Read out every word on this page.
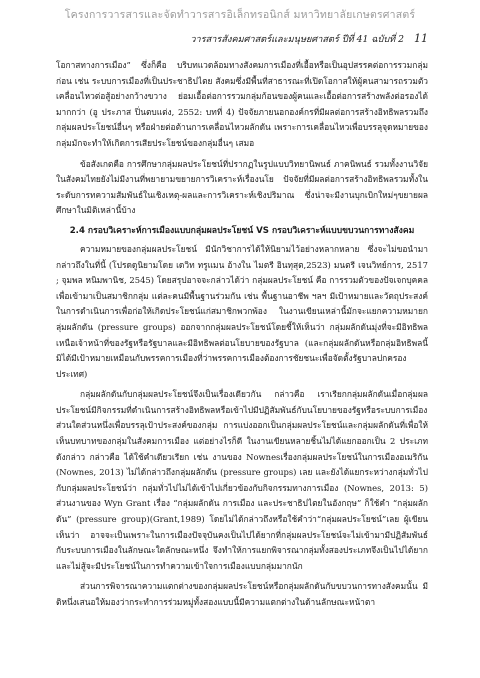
โครงการวารสารและจัดทำวารสารอิเล็กทรอนิกส์ มหาวิทยาลัยเกษตรศาสตร์
วารสารสังคมศาสตร์และมนุษยศาสตร์ ปีที่ 41 ฉบับที่ 2 11

โอกาสทางการเมือง” ซึ่งก็คือ บริบทแวดล้อมทางสังคมการเมืองที่เอื้อหรือเป็นอุปสรรคต่อการรวมกลุ่มก่อน เช่น ระบบการเมืองที่เป็นประชาธิปไตย สังคมซึ่งมีพื้นที่สาธารณะที่เปิดโอกาสให้ผู้คนสามารถรวมตัวเคลื่อนไหวต่อสู้อย่างกว้างขวาง ย่อมเอื้อต่อการรวมกลุ่มก้อนของผู้คนและเอื้อต่อการสร้างพลังต่อรองได้มากกว่า (อู ประภาส ปิ่นตบแต่ง, 2552: บทที่ 4) ปัจจัยภายนอกองค์กรที่มีผลต่อการสร้างอิทธิพลรวมถึงกลุ่มผลประโยชน์อื่นๆ หรือฝ่ายต่อต้านการเคลื่อนไหวผลักดัน เพราะการเคลื่อนไหวเพื่อบรรลุจุดหมายของกลุ่มมักจะทำให้เกิดการเสียประโยชน์ของกลุ่มอื่นๆ เสมอ

ข้อสังเกตคือ การศึกษากลุ่มผลประโยชน์ที่ปรากฏในรูปแบบวิทยานิพนธ์ ภาคนิพนธ์ รวมทั้งงานวิจัยในสังคมไทยยังไม่มีงานที่พยายามขยายการวิเคราะห์เรื่องนโย ปัจจัยที่มีผลต่อการสร้างอิทธิพลรวมทั้งในระดับการทความสัมพันธ์ในเชิงเหตุ-ผลและการวิเคราะห์เชิงปริมาณ ซึ่งน่าจะมีงานบุกเบิกใหม่ๆขยายผลศึกษาในมิติเหล่านี้บ้าง

2.4 กรอบวิเคราะห์การเมืองแบบกลุ่มผลประโยชน์ VS กรอบวิเคราะห์แบบขบวนการทางสังคม

ความหมายของกลุ่มผลประโยชน์ มีนักวิชาการได้ให้นิยามไว้อย่างหลากหลาย ซึ่งจะไม่ขอนำมากล่าวถึงในที่นี้ (โปรดดูนิยามโดย เดวิท ทรูแมน อ้างใน ไมตรี อินทุสุต,2523) มนตรี เจนวิทย์การ, 2517 ; จุมพล หนิมพานิช, 2545) โดยสรุปอาจจะกล่าวได้ว่า กลุ่มผลประโยชน์ คือ การรวมตัวของปัจเจกบุคคลเพื่อเข้ามาเป็นสมาชิกกลุ่ม แต่ละคนมีพื้นฐานร่วมกัน เช่น พื้นฐานอาชีพ ฯลฯ มีเป้าหมายและวัตถุประสงค์ในการดำเนินการเพื่อก่อให้เกิดประโยชน์แก่สมาชิกพวกพ้อง ในงานเขียนเหล่านี้มักจะแยกความหมายกลุ่มผลักดัน (pressure groups) ออกจากกลุ่มผลประโยชน์โดยชี้ให้เห็นว่า กลุ่มผลักดันมุ่งที่จะมีอิทธิพลเหนือเจ้าหน้าที่ของรัฐหรือรัฐบาลและมีอิทธิพลต่อนโยบายของรัฐบาล (และกลุ่มผลักดันหรือกลุ่มอิทธิพลนี้มิได้มีเป้าหมายเหมือนกับพรรคการเมืองที่ว่าพรรคการเมืองต้องการชัยชนะเพื่อจัดตั้งรัฐบาลปกครองประเทศ)

กลุ่มผลักดันกับกลุ่มผลประโยชน์จึงเป็นเรื่องเดียวกัน กล่าวคือ เราเรียกกลุ่มผลักดันเมื่อกลุ่มผลประโยชน์มีกิจกรรมที่ดำเนินการสร้างอิทธิพลหรือเข้าไปมีปฏิสัมพันธ์กับนโยบายของรัฐหรือระบบการเมืองส่วนใดส่วนหนึ่งเพื่อบรรลุเป้าประสงค์ของกลุ่ม การแบ่งออกเป็นกลุ่มผลประโยชน์และกลุ่มผลักดันที่เพื่อให้เห็นบทบาทของกลุ่มในสังคมการเมือง แต่อย่างไรก็ดี ในงานเขียนหลายชิ้นไม่ได้แยกออกเป็น 2 ประเภทดังกล่าว กล่าวคือ ได้ใช้คำเดียวเรียก เช่น งานของ Nownesเรื่องกลุ่มผลประโยชน์ในการเมืองอเมริกัน (Nownes, 2013) ไม่ได้กล่าวถึงกลุ่มผลักดัน (pressure groups) เลย และยังได้แยกระหว่างกลุ่มทั่วไปกับกลุ่มผลประโยชน์ว่า กลุ่มทั่วไปไม่ได้เข้าไปเกี่ยวข้องกับกิจกรรมทางการเมือง (Nownes, 2013: 5) ส่วนงานของ Wyn Grant เรื่อง “กลุ่มผลักดัน การเมือง และประชาธิปไตยในอังกฤษ” ก็ใช้คำ “กลุ่มผลักดัน” (pressure group)(Grant,1989) โดยไม่ได้กล่าวถึงหรือใช้คำว่า“กลุ่มผลประโยชน์”เลย ผู้เขียนเห็นว่า อาจจะเป็นเพราะในการเมืองปัจจุบันคงเป็นไปได้ยากที่กลุ่มผลประโยชน์จะไม่เข้ามามีปฏิสัมพันธ์กับระบบการเมืองในลักษณะใดลักษณะหนึ่ง จึงทำให้การแยกพิจารณากลุ่มทั้งสองประเภทจึงเป็นไปได้ยากและไม่สู้จะมีประโยชน์ในการทำความเข้าใจการเมืองแบบกลุ่มมากนัก

ส่วนการพิจารณาความแตกต่างของกลุ่มผลประโยชน์หรือกลุ่มผลักดันกับขบวนการทางสังคมนั้น มีติหนึ่งเสนอให้มองว่ากระทำการร่วมหมู่ทั้งสองแบบนี้มีความแตกต่างในด้านลักษณะหน้าตา
